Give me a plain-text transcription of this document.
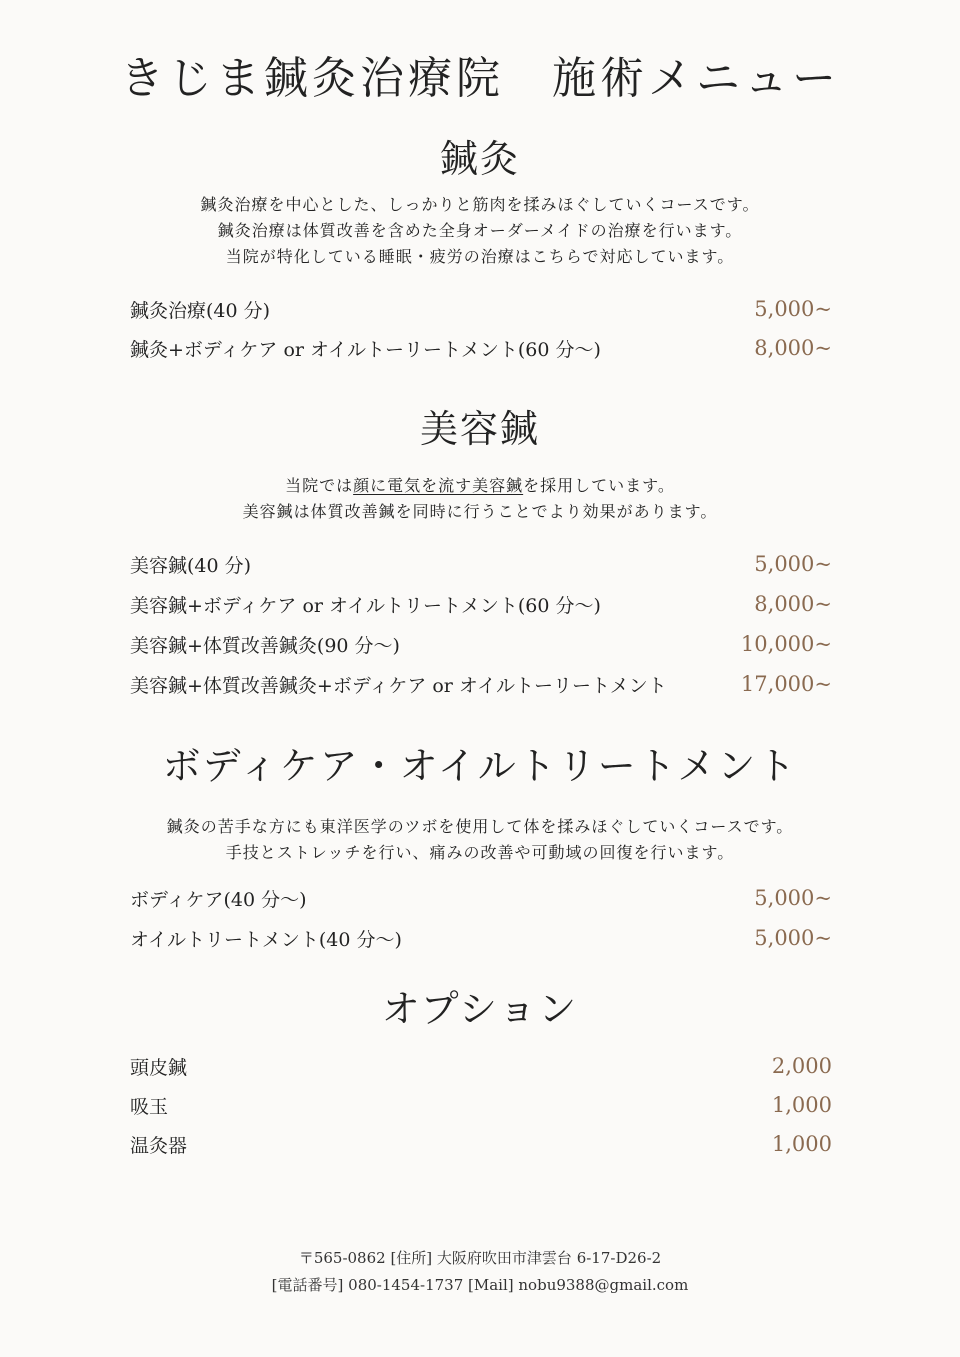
きじま鍼灸治療院　施術メニュー
鍼灸
鍼灸治療を中心とした、しっかりと筋肉を揉みほぐしていくコースです。
鍼灸治療は体質改善を含めた全身オーダーメイドの治療を行います。
当院が特化している睡眠・疲労の治療はこちらで対応しています。
鍼灸治療(40 分)	5,000~
鍼灸+ボディケア or オイルトーリートメント(60 分〜)	8,000~
美容鍼
当院では顔に電気を流す美容鍼を採用しています。
美容鍼は体質改善鍼を同時に行うことでより効果があります。
美容鍼(40 分)	5,000~
美容鍼+ボディケア or オイルトリートメント(60 分〜)	8,000~
美容鍼+体質改善鍼灸(90 分〜)	10,000~
美容鍼+体質改善鍼灸+ボディケア or オイルトーリートメント	17,000~
ボディケア・オイルトリートメント
鍼灸の苦手な方にも東洋医学のツボを使用して体を揉みほぐしていくコースです。
手技とストレッチを行い、痛みの改善や可動域の回復を行います。
ボディケア(40 分〜)	5,000~
オイルトリートメント(40 分〜)	5,000~
オプション
頭皮鍼	2,000
吸玉	1,000
温灸器	1,000
〒565-0862 [住所] 大阪府吹田市津雲台 6-17-D26-2
[電話番号] 080-1454-1737 [Mail] nobu9388@gmail.com
